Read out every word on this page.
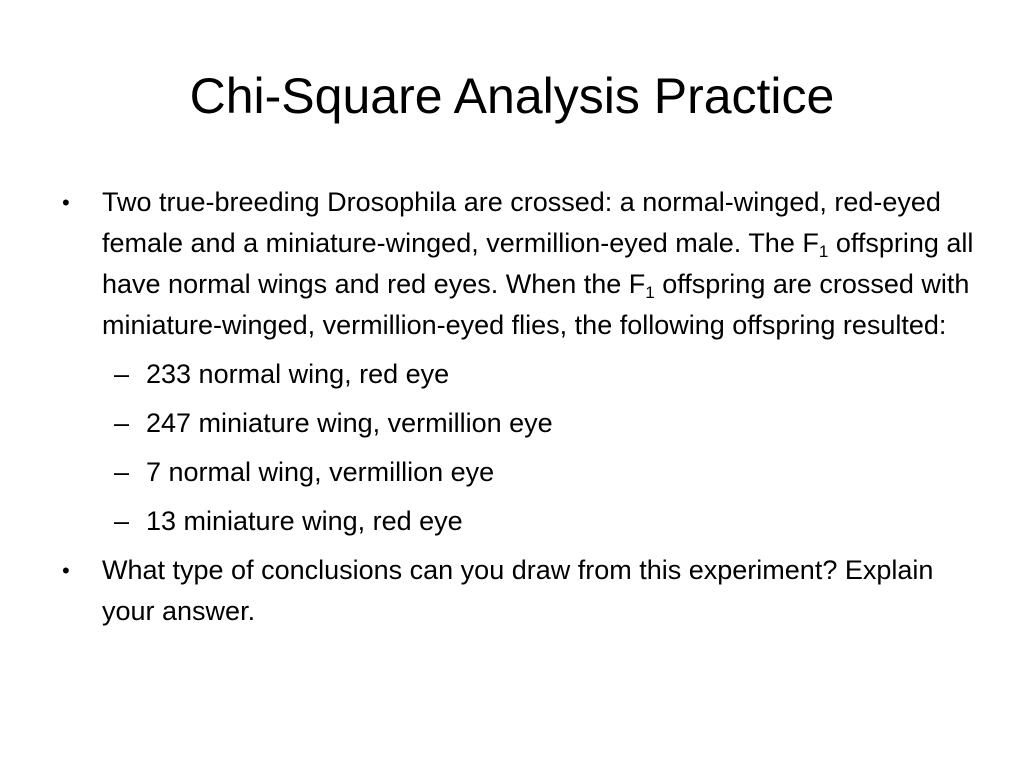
Chi-Square Analysis Practice
• Two true-breeding Drosophila are crossed: a normal-winged, red-eyed female and a miniature-winged, vermillion-eyed male. The $F_1$ offspring all have normal wings and red eyes. When the $F_1$ offspring are crossed with miniature-winged, vermillion-eyed flies, the following offspring resulted:
– 233 normal wing, red eye
– 247 miniature wing, vermillion eye
– 7 normal wing, vermillion eye
– 13 miniature wing, red eye
• What type of conclusions can you draw from this experiment? Explain your answer.
